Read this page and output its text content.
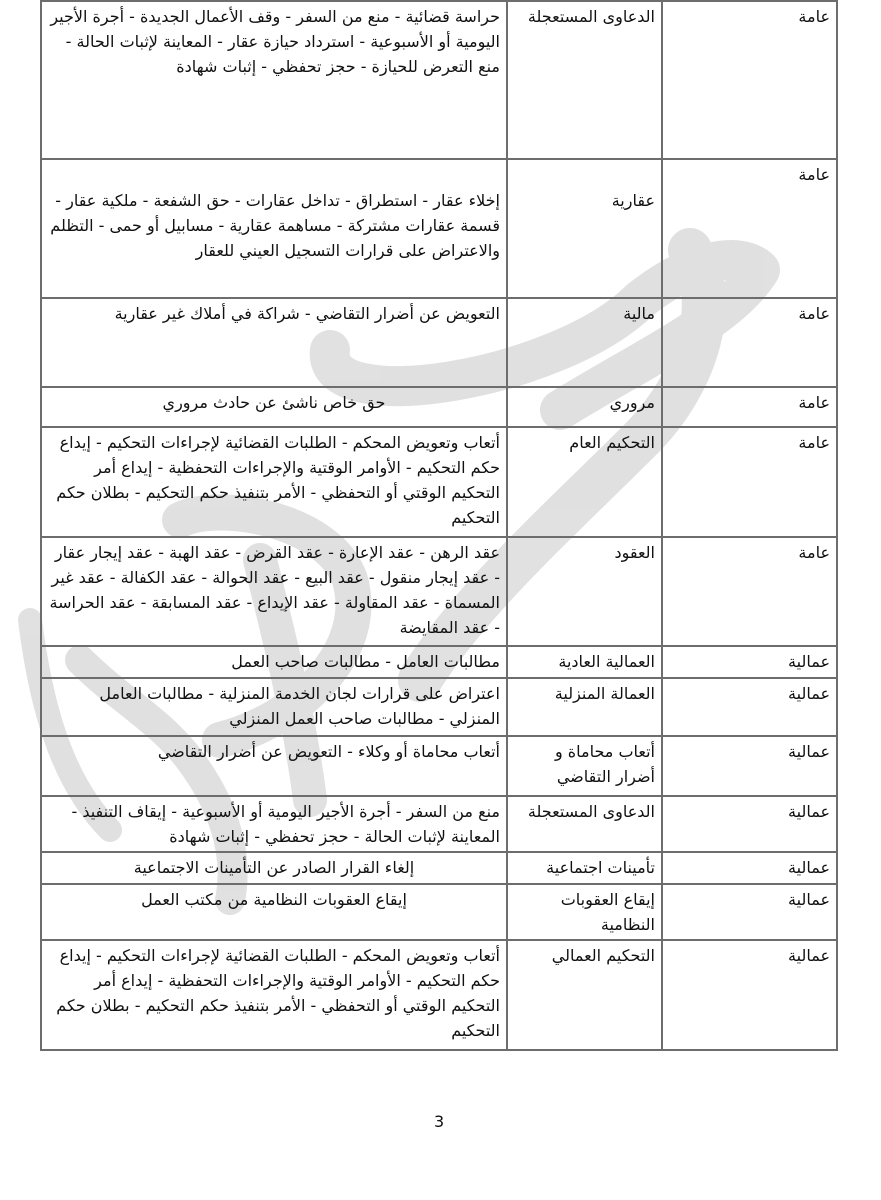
عامة	الدعاوى المستعجلة	حراسة قضائية - منع من السفر - وقف الأعمال الجديدة - أجرة الأجير اليومية أو الأسبوعية - استرداد حيازة عقار - المعاينة لإثبات الحالة - منع التعرض للحيازة - حجز تحفظي - إثبات شهادة
عامة	عقارية	إخلاء عقار - استطراق - تداخل عقارات - حق الشفعة - ملكية عقار - قسمة عقارات مشتركة - مساهمة عقارية - مسابيل أو حمى - التظلم والاعتراض على قرارات التسجيل العيني للعقار
عامة	مالية	التعويض عن أضرار التقاضي - شراكة في أملاك غير عقارية
عامة	مروري	حق خاص ناشئ عن حادث مروري
عامة	التحكيم العام	أتعاب وتعويض المحكم - الطلبات القضائية لإجراءات التحكيم - إيداع حكم التحكيم - الأوامر الوقتية والإجراءات التحفظية - إيداع أمر التحكيم الوقتي أو التحفظي - الأمر بتنفيذ حكم التحكيم - بطلان حكم التحكيم
عامة	العقود	عقد الرهن - عقد الإعارة - عقد القرض - عقد الهبة - عقد إيجار عقار - عقد إيجار منقول - عقد البيع - عقد الحوالة - عقد الكفالة - عقد غير المسماة - عقد المقاولة - عقد الإيداع - عقد المسابقة - عقد الحراسة - عقد المقايضة
عمالية	العمالية العادية	مطالبات العامل - مطالبات صاحب العمل
عمالية	العمالة المنزلية	اعتراض على قرارات لجان الخدمة المنزلية - مطالبات العامل المنزلي - مطالبات صاحب العمل المنزلي
عمالية	أتعاب محاماة و أضرار التقاضي	أتعاب محاماة أو وكلاء - التعويض عن أضرار التقاضي
عمالية	الدعاوى المستعجلة	منع من السفر - أجرة الأجير اليومية أو الأسبوعية - إيقاف التنفيذ - المعاينة لإثبات الحالة - حجز تحفظي - إثبات شهادة
عمالية	تأمينات اجتماعية	إلغاء القرار الصادر عن التأمينات الاجتماعية
عمالية	إيقاع العقوبات النظامية	إيقاع العقوبات النظامية من مكتب العمل
عمالية	التحكيم العمالي	أتعاب وتعويض المحكم - الطلبات القضائية لإجراءات التحكيم - إيداع حكم التحكيم - الأوامر الوقتية والإجراءات التحفظية - إيداع أمر التحكيم الوقتي أو التحفظي - الأمر بتنفيذ حكم التحكيم - بطلان حكم التحكيم
3
